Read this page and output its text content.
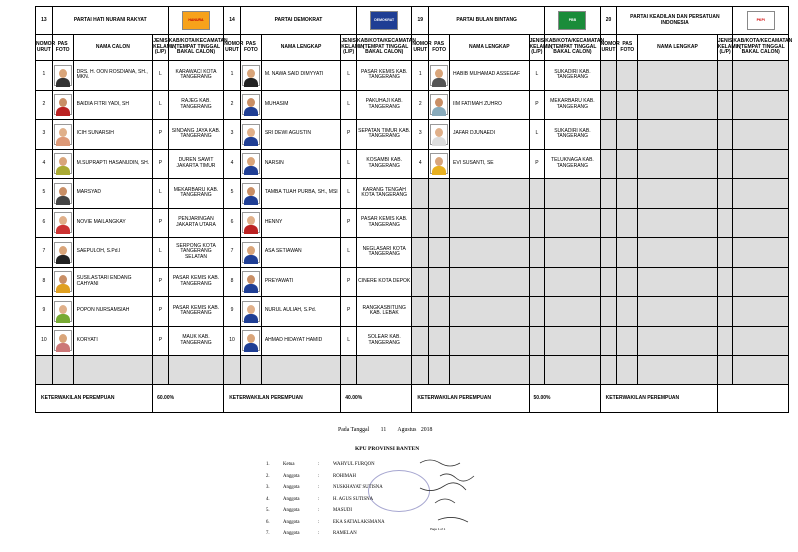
13	PARTAI HATI NURANI RAKYAT			HANURA	14	PARTAI DEMOKRAT			DEMOKRAT	19	PARTAI BULAN BINTANG			PBB	20	PARTAI KEADILAN DAN PERSATUAN INDONESIA			PKPI

NOMOR URUT	PAS FOTO	NAMA CALON	JENIS KELAMIN (L/P)	KAB/KOTA/KECAMATAN / (TEMPAT TINGGAL BAKAL CALON)	NOMOR URUT	PAS FOTO	NAMA LENGKAP	JENIS KELAMIN (L/P)	KAB/KOTA/KECAMATAN / (TEMPAT TINGGAL BAKAL CALON)	NOMOR URUT	PAS FOTO	NAMA LENGKAP	JENIS KELAMIN (L/P)	KAB/KOTA/KECAMATAN / (TEMPAT TINGGAL BAKAL CALON)	NOMOR URUT	PAS FOTO	NAMA LENGKAP	JENIS KELAMIN (L/P)	KAB/KOTA/KECAMATAN / (TEMPAT TINGGAL BAKAL CALON)
1		DRS. H. OON ROSDIANA, SH., MKN.	L	KARAWACI KOTA TANGERANG	1		M. NAWA SAID DIMYYATI	L	PASAR KEMIS KAB. TANGERANG	1		HABIB MUHAMAD ASSEGAF	L	SUKADIRI KAB. TANGERANG					
2		BAIDIA FITRI YADI, SH	L	RAJEG KAB. TANGERANG	2		MUHASIM	L	PAKUHAJI KAB. TANGERANG	2		IIM FATIMAH ZUHRO	P	MEKARBARU KAB. TANGERANG					
3		ICIH SUNARSIH	P	SINDANG JAYA KAB. TANGERANG	3		SRI DEWI AGUSTIN	P	SEPATAN TIMUR KAB. TANGERANG	3		JAFAR DJUNAEDI	L	SUKADIRI KAB. TANGERANG					
4		M.SUPRAPTI HASANUDIN, SH.	P	DUREN SAWIT JAKARTA TIMUR	4		NARSIN	L	KOSAMBI KAB. TANGERANG	4		EVI SUSANTI, SE	P	TELUKNAGA KAB. TANGERANG					
5		MARSYAD	L	MEKARBARU KAB. TANGERANG	5		TAMBA TUAH PURBA, SH., MSI	L	KARANG TENGAH KOTA TANGERANG										
6		NOVIE MAILANGKAY	P	PENJARINGAN JAKARTA UTARA	6		HENNY	P	PASAR KEMIS KAB. TANGERANG										
7		SAEPULOH, S.Pd.I	L	SERPONG KOTA TANGERANG SELATAN	7		ASA SETIAWAN	L	NEGLASARI KOTA TANGERANG										
8		SUSILASTARI ENDANG CAHYANI	P	PASAR KEMIS KAB. TANGERANG	8		PREYAWATI	P	CINERE KOTA DEPOK										
9		POPON NURSAMSIAH	P	PASAR KEMIS KAB. TANGERANG	9		NURUL AULIAH, S.Pd.	P	RANGKASBITUNG KAB. LEBAK										
10		KORYATI	P	MAUK KAB. TANGERANG	10		AHMAD HIDAYAT HAMID	L	SOLEAR KAB. TANGERANG										

KETERWAKILAN PEREMPUAN			60.00%		KETERWAKILAN PEREMPUAN			40.00%		KETERWAKILAN PEREMPUAN			50.00%		KETERWAKILAN PEREMPUAN				
Pada Tanggal 11 Agustus 2018
KPU PROVINSI BANTEN
1.	Ketua	:	WAHYUL FURQON
2.	Anggota	:	ROHIMAH
3.	Anggota	:	NUSKHAYAT SUTISNA
4.	Anggota	:	H. AGUS SUTISNA
5.	Anggota	:	MASUDI
6.	Anggota	:	EKA SATIALAKSMANA
7.	Anggota	:	RAMELAN
Page 1 of 1
